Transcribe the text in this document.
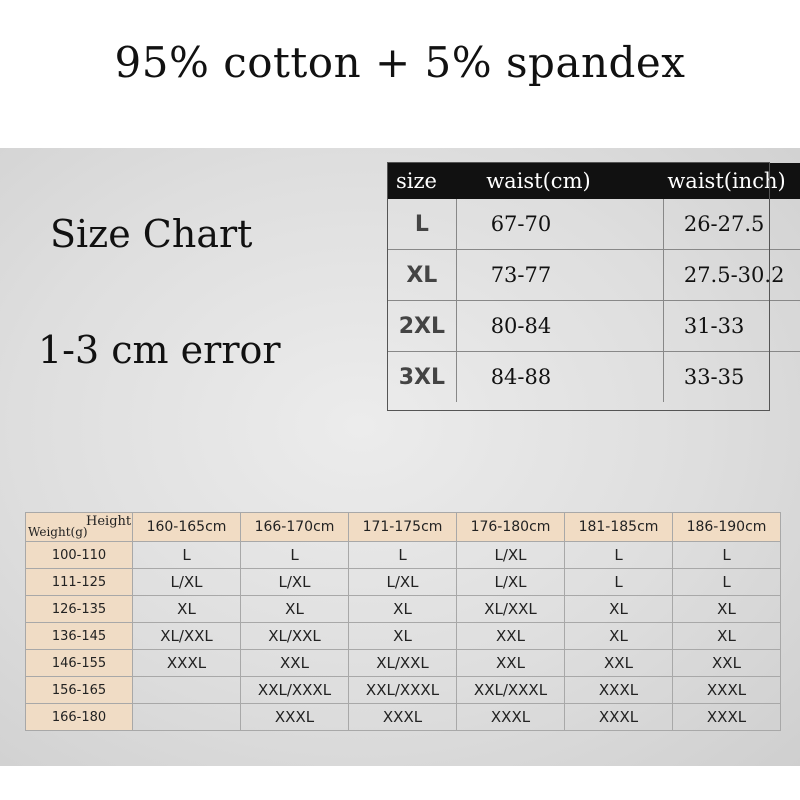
95% cotton + 5% spandex
Size Chart
1-3 cm error
size	waist(cm)	waist(inch)
L	67-70	26-27.5
XL	73-77	27.5-30.2
2XL	80-84	31-33
3XL	84-88	33-35
Height
Weight(g)	160-165cm	166-170cm	171-175cm	176-180cm	181-185cm	186-190cm
100-110	L	L	L	L/XL	L	L
111-125	L/XL	L/XL	L/XL	L/XL	L	L
126-135	XL	XL	XL	XL/XXL	XL	XL
136-145	XL/XXL	XL/XXL	XL	XXL	XL	XL
146-155	XXXL	XXL	XL/XXL	XXL	XXL	XXL
156-165		XXL/XXXL	XXL/XXXL	XXL/XXXL	XXXL	XXXL
166-180		XXXL	XXXL	XXXL	XXXL	XXXL
